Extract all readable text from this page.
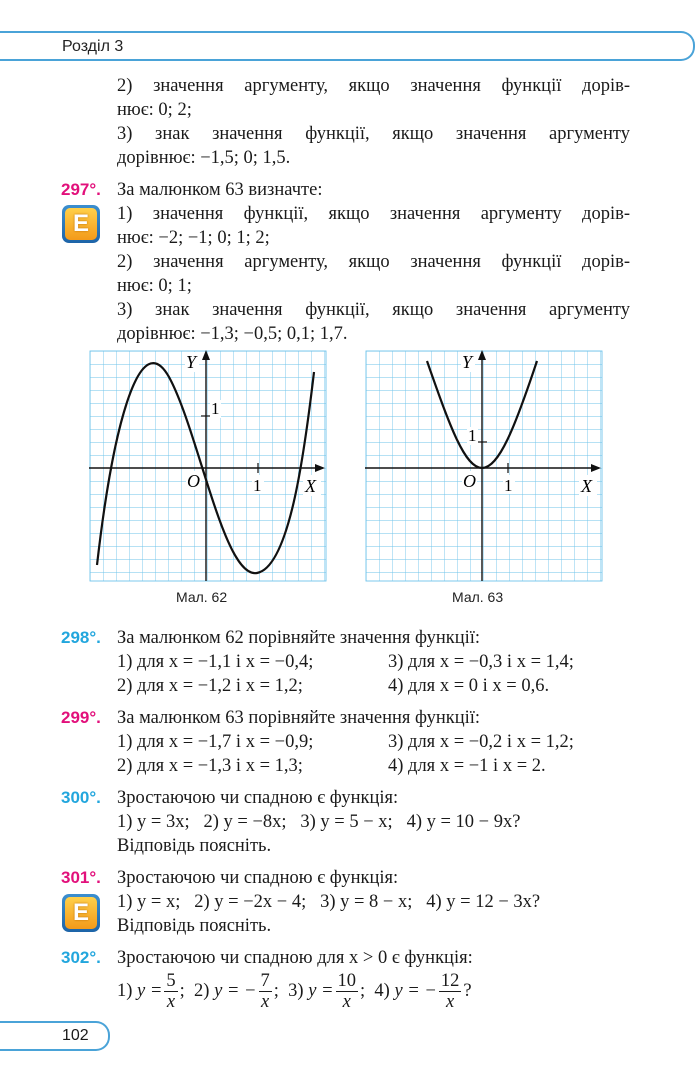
Розділ 3
2) значення аргументу, якщо значення функції дорів-
нює: 0; 2;
3) знак значення функції, якщо значення аргументу
дорівнює: −1,5; 0; 1,5.
297°. За малюнком 63 визначте:
E	1) значення функції, якщо значення аргументу дорів-
нює: −2; −1; 0; 1; 2;
2) значення аргументу, якщо значення функції дорів-
нює: 0; 1;
3) знак значення функції, якщо значення аргументу
дорівнює: −1,3; −0,5; 0,1; 1,7.
Y
1
O	1 X
Мал. 62
Y
1
O 1	X
Мал. 63
298°. За малюнком 62 порівняйте значення функції:
1) для x = −1,1 і x = −0,4;	3) для x = −0,3 і x = 1,4;
2) для x = −1,2 і x = 1,2;	4) для x = 0 і x = 0,6.
299°. За малюнком 63 порівняйте значення функції:
1) для x = −1,7 і x = −0,9;	3) для x = −0,2 і x = 1,2;
2) для x = −1,3 і x = 1,3;	4) для x = −1 і x = 2.
300°. Зростаючою чи спадною є функція:
1) y = 3x;   2) y = −8x;   3) y = 5 − x;   4) y = 10 − 9x?
Відповідь поясніть.
301°. Зростаючою чи спадною є функція:
E	1) y = x;   2) y = −2x − 4;   3) y = 8 − x;   4) y = 12 − 3x?
Відповідь поясніть.
302°. Зростаючою чи спадною для x > 0 є функція:
1) $y = \frac{5}{x}$ ; 2) y = − $\frac{7}{x}$ ; 3) $y = \frac{10}{x}$ ; 4) y = − $\frac{12}{x}$ ?
102
